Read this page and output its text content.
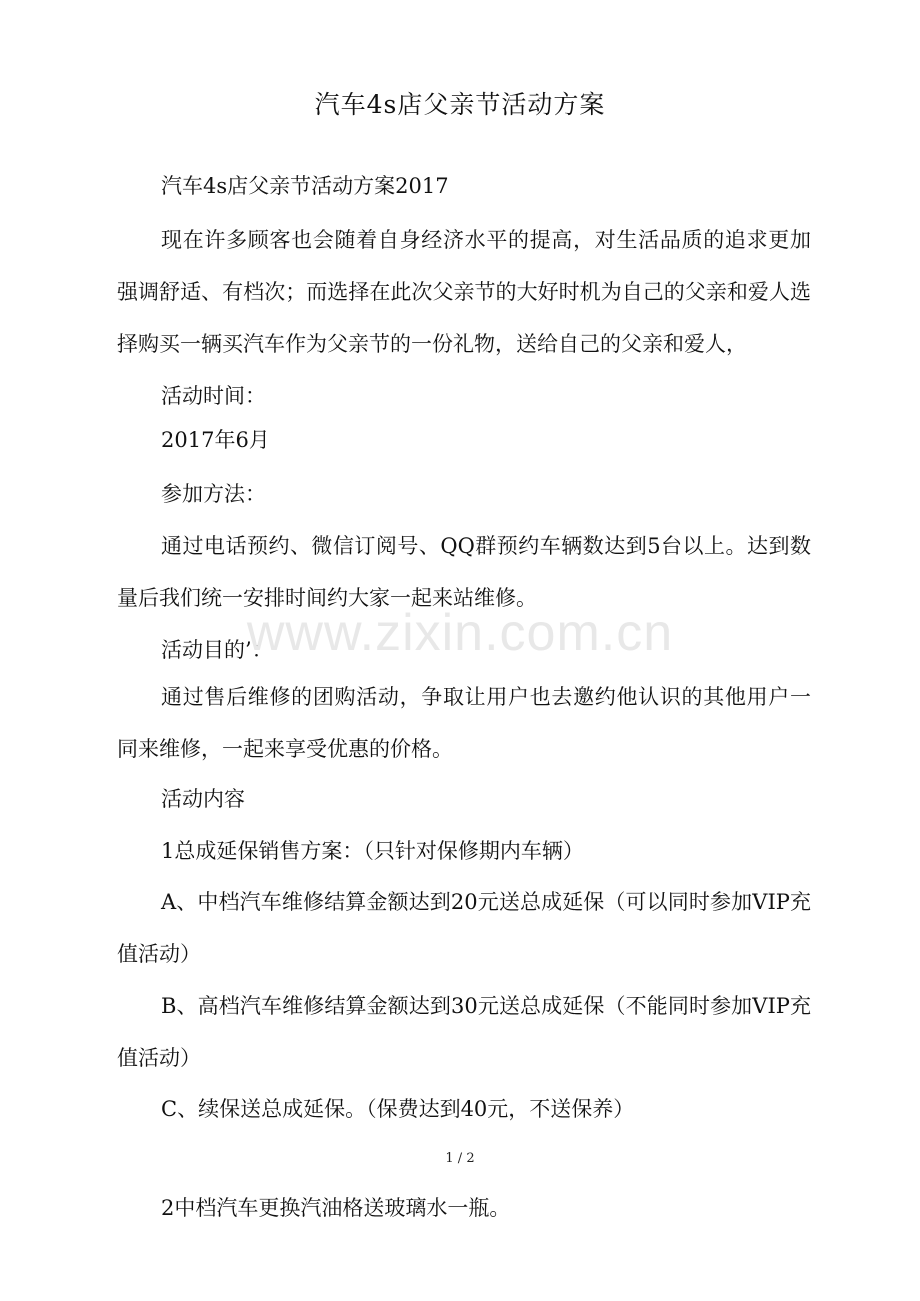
汽车4s店父亲节活动方案

汽车4s店父亲节活动方案2017

现在许多顾客也会随着自身经济水平的提高，对生活品质的追求更加强调舒适、有档次；而选择在此次父亲节的大好时机为自己的父亲和爱人选择购买一辆买汽车作为父亲节的一份礼物，送给自己的父亲和爱人，

活动时间：

2017年6月

参加方法：

通过电话预约、微信订阅号、QQ群预约车辆数达到5台以上。达到数量后我们统一安排时间约大家一起来站维修。

活动目的’：

通过售后维修的团购活动，争取让用户也去邀约他认识的其他用户一同来维修，一起来享受优惠的价格。

活动内容

1总成延保销售方案：（只针对保修期内车辆）

A、中档汽车维修结算金额达到20元送总成延保（可以同时参加VIP充值活动）

B、高档汽车维修结算金额达到30元送总成延保（不能同时参加VIP充值活动）

C、续保送总成延保。（保费达到40元，不送保养）

www.zixin.com.cn
1 / 2

2中档汽车更换汽油格送玻璃水一瓶。
